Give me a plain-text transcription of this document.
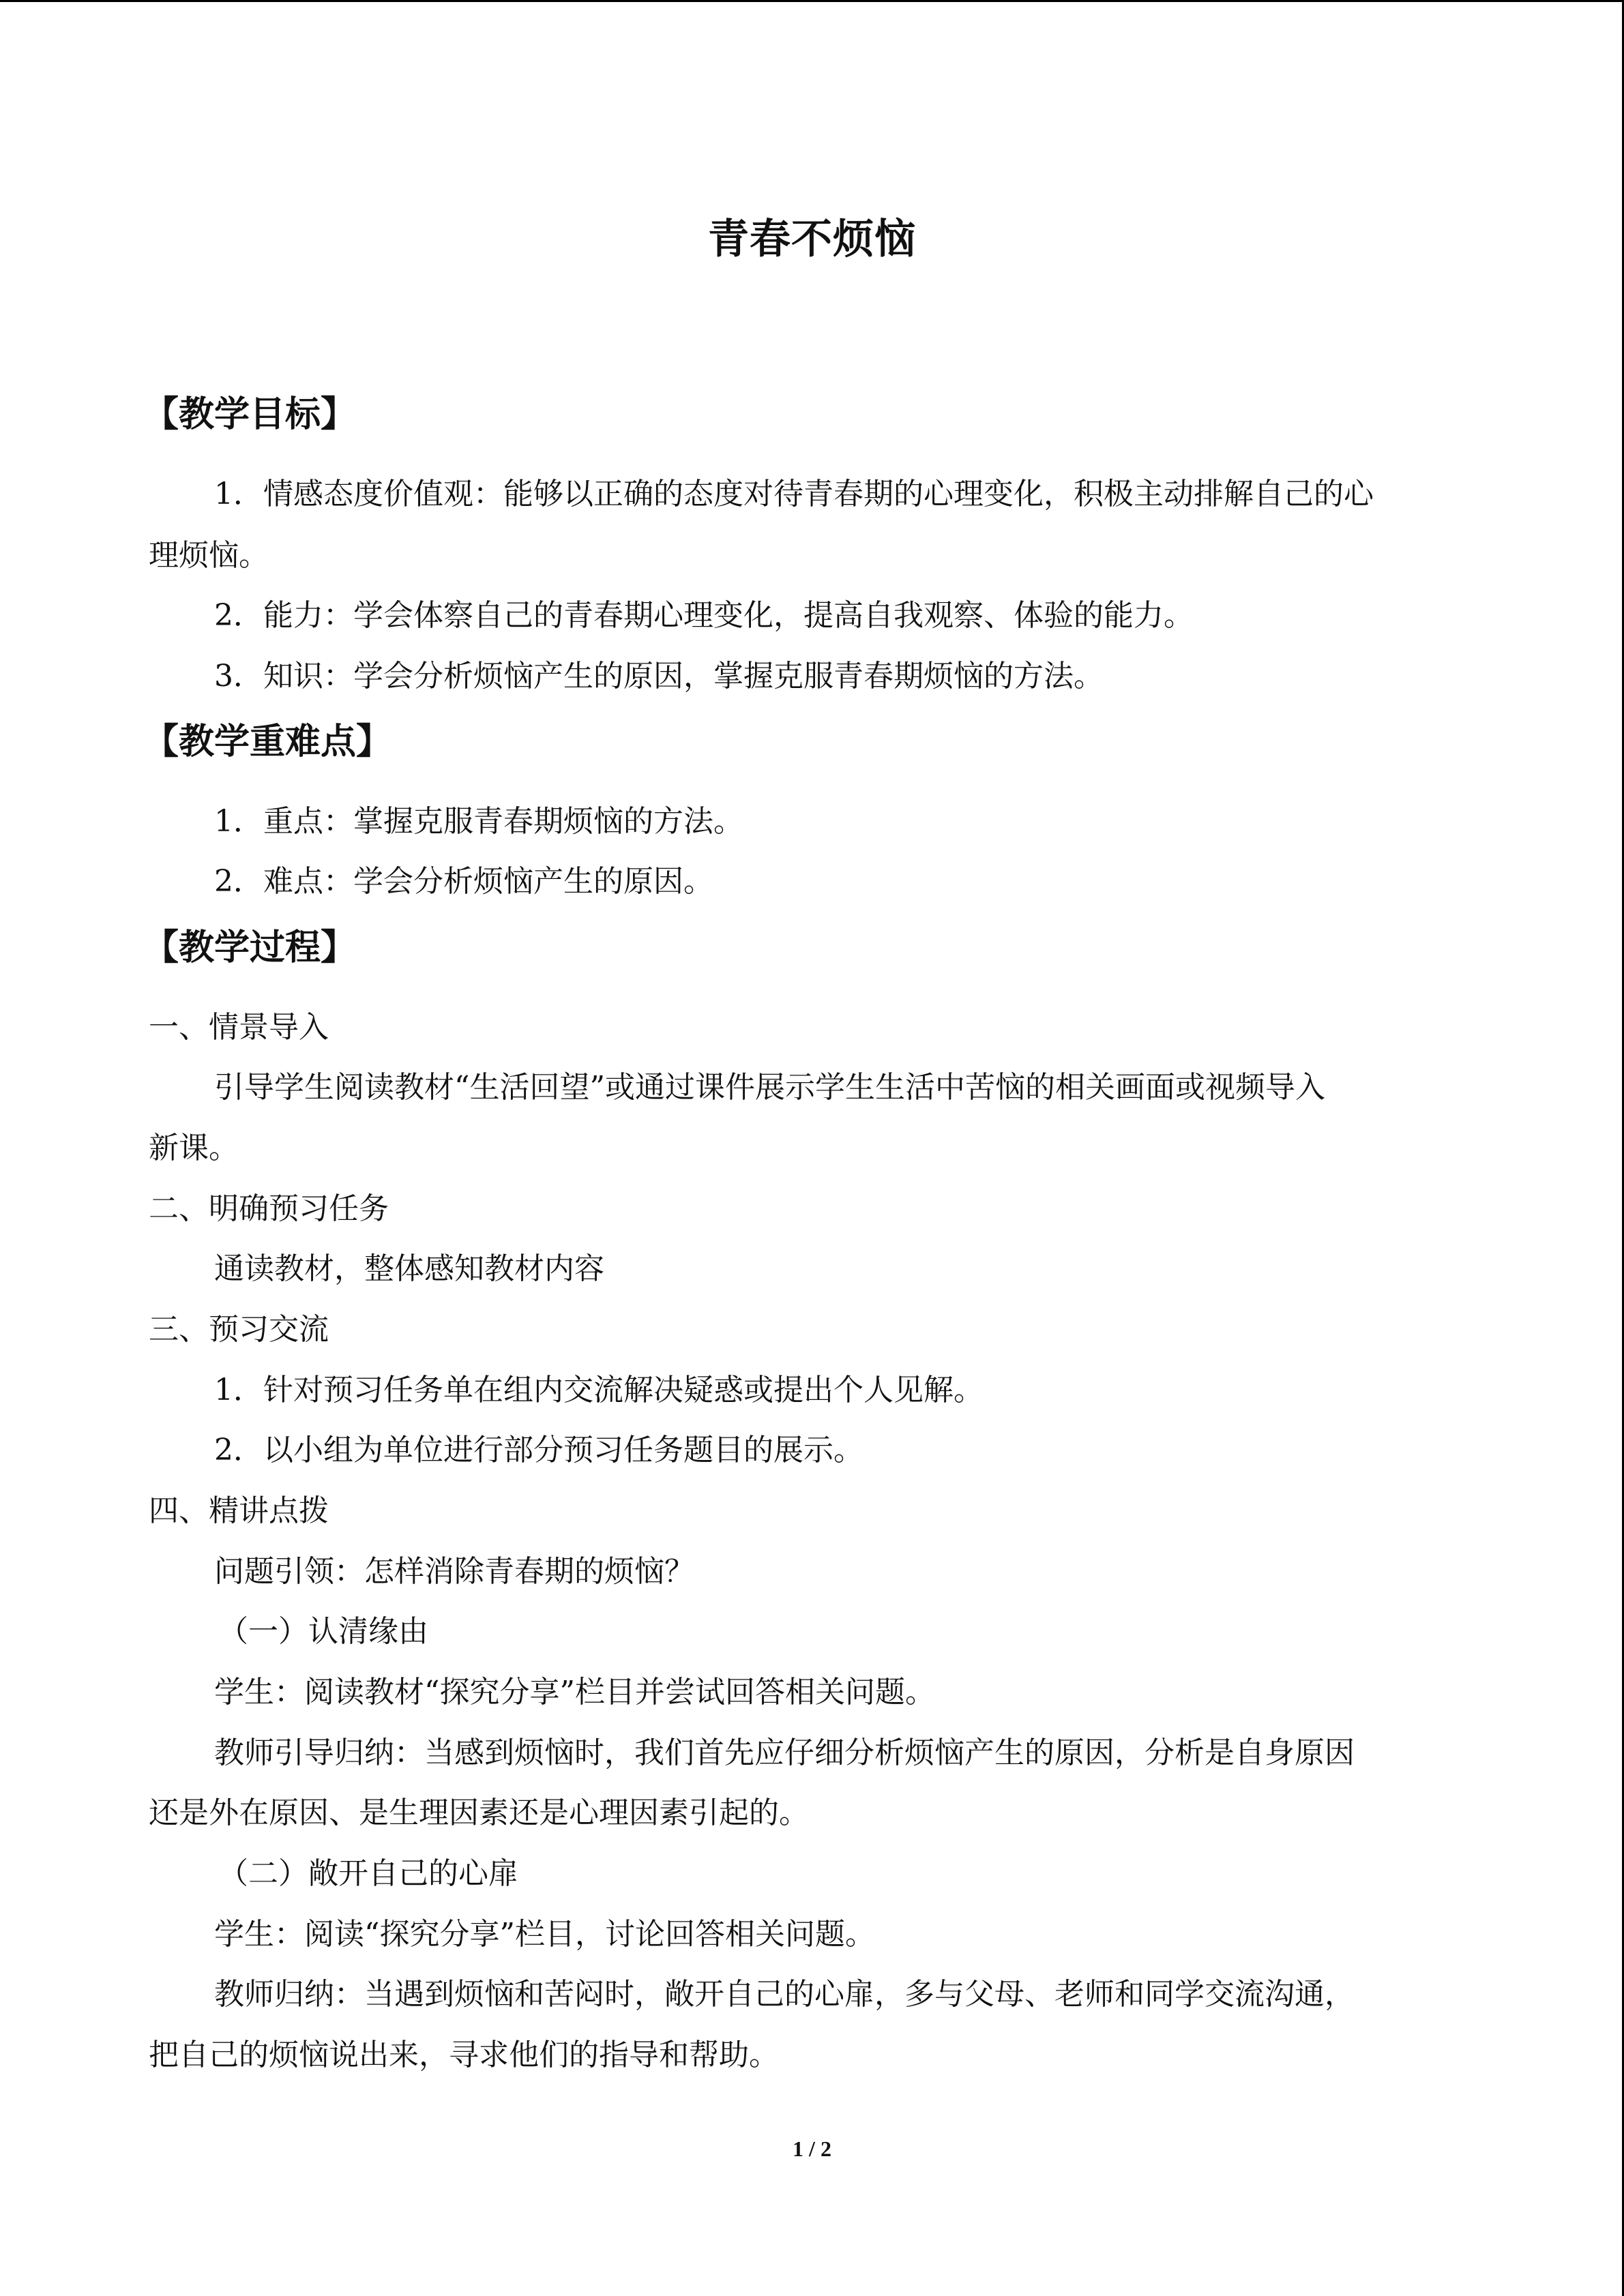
青春不烦恼
【教学目标】
1．情感态度价值观：能够以正确的态度对待青春期的心理变化，积极主动排解自己的心
理烦恼。
2．能力：学会体察自己的青春期心理变化，提高自我观察、体验的能力。
3．知识：学会分析烦恼产生的原因，掌握克服青春期烦恼的方法。
【教学重难点】
1．重点：掌握克服青春期烦恼的方法。
2．难点：学会分析烦恼产生的原因。
【教学过程】
一、情景导入
引导学生阅读教材“生活回望”或通过课件展示学生生活中苦恼的相关画面或视频导入
新课。
二、明确预习任务
通读教材，整体感知教材内容
三、预习交流
1．针对预习任务单在组内交流解决疑惑或提出个人见解。
2．以小组为单位进行部分预习任务题目的展示。
四、精讲点拨
问题引领：怎样消除青春期的烦恼？
（一）认清缘由
学生：阅读教材“探究分享”栏目并尝试回答相关问题。
教师引导归纳：当感到烦恼时，我们首先应仔细分析烦恼产生的原因，分析是自身原因
还是外在原因、是生理因素还是心理因素引起的。
（二）敞开自己的心扉
学生：阅读“探究分享”栏目，讨论回答相关问题。
教师归纳：当遇到烦恼和苦闷时，敞开自己的心扉，多与父母、老师和同学交流沟通，
把自己的烦恼说出来，寻求他们的指导和帮助。
1 / 2
